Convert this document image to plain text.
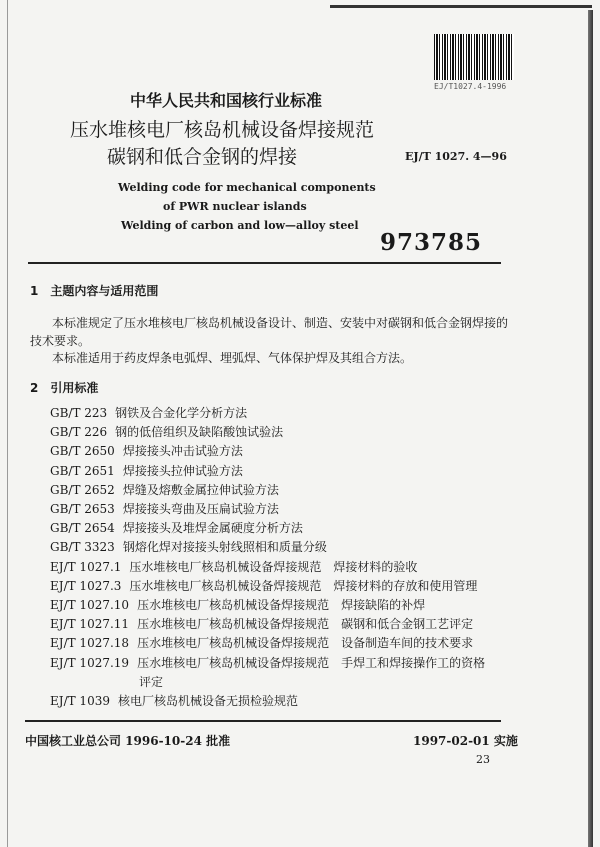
EJ/T1027.4-1996
中华人民共和国核行业标准
压水堆核电厂核岛机械设备焊接规范
碳钢和低合金钢的焊接	EJ/T 1027. 4—96
Welding code for mechanical components
of PWR nuclear islands
Welding of carbon and low—alloy steel
973785
1　主题内容与适用范围
本标准规定了压水堆核电厂核岛机械设备设计、制造、安装中对碳钢和低合金钢焊接的
技术要求。
本标准适用于药皮焊条电弧焊、埋弧焊、气体保护焊及其组合方法。
2　引用标准
GB/T 223 钢铁及合金化学分析方法
GB/T 226 钢的低倍组织及缺陷酸蚀试验法
GB/T 2650 焊接接头冲击试验方法
GB/T 2651 焊接接头拉伸试验方法
GB/T 2652 焊缝及熔敷金属拉伸试验方法
GB/T 2653 焊接接头弯曲及压扁试验方法
GB/T 2654 焊接接头及堆焊金属硬度分析方法
GB/T 3323 钢熔化焊对接接头射线照相和质量分级
EJ/T 1027.1 压水堆核电厂核岛机械设备焊接规范　焊接材料的验收
EJ/T 1027.3 压水堆核电厂核岛机械设备焊接规范　焊接材料的存放和使用管理
EJ/T 1027.10 压水堆核电厂核岛机械设备焊接规范　焊接缺陷的补焊
EJ/T 1027.11 压水堆核电厂核岛机械设备焊接规范　碳钢和低合金钢工艺评定
EJ/T 1027.18 压水堆核电厂核岛机械设备焊接规范　设备制造车间的技术要求
EJ/T 1027.19 压水堆核电厂核岛机械设备焊接规范　手焊工和焊接操作工的资格
评定
EJ/T 1039 核电厂核岛机械设备无损检验规范
中国核工业总公司 1996-10-24 批准	1997-02-01 实施
23
